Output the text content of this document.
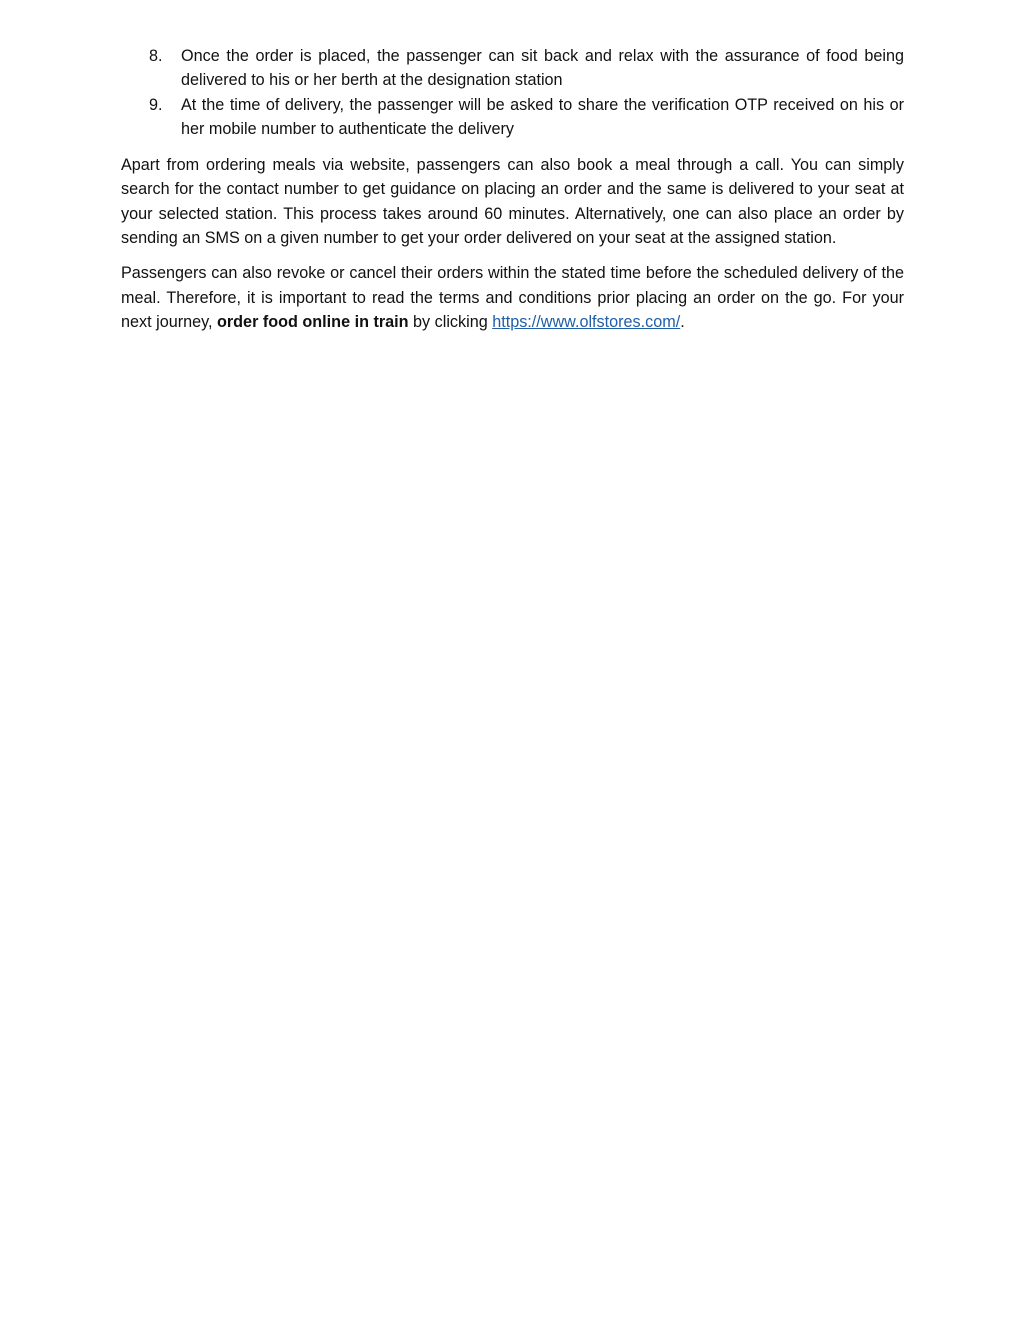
8. Once the order is placed, the passenger can sit back and relax with the assurance of food being delivered to his or her berth at the designation station
9. At the time of delivery, the passenger will be asked to share the verification OTP received on his or her mobile number to authenticate the delivery

Apart from ordering meals via website, passengers can also book a meal through a call. You can simply search for the contact number to get guidance on placing an order and the same is delivered to your seat at your selected station. This process takes around 60 minutes. Alternatively, one can also place an order by sending an SMS on a given number to get your order delivered on your seat at the assigned station.

Passengers can also revoke or cancel their orders within the stated time before the scheduled delivery of the meal. Therefore, it is important to read the terms and conditions prior placing an order on the go. For your next journey, order food online in train by clicking https://www.olfstores.com/.
